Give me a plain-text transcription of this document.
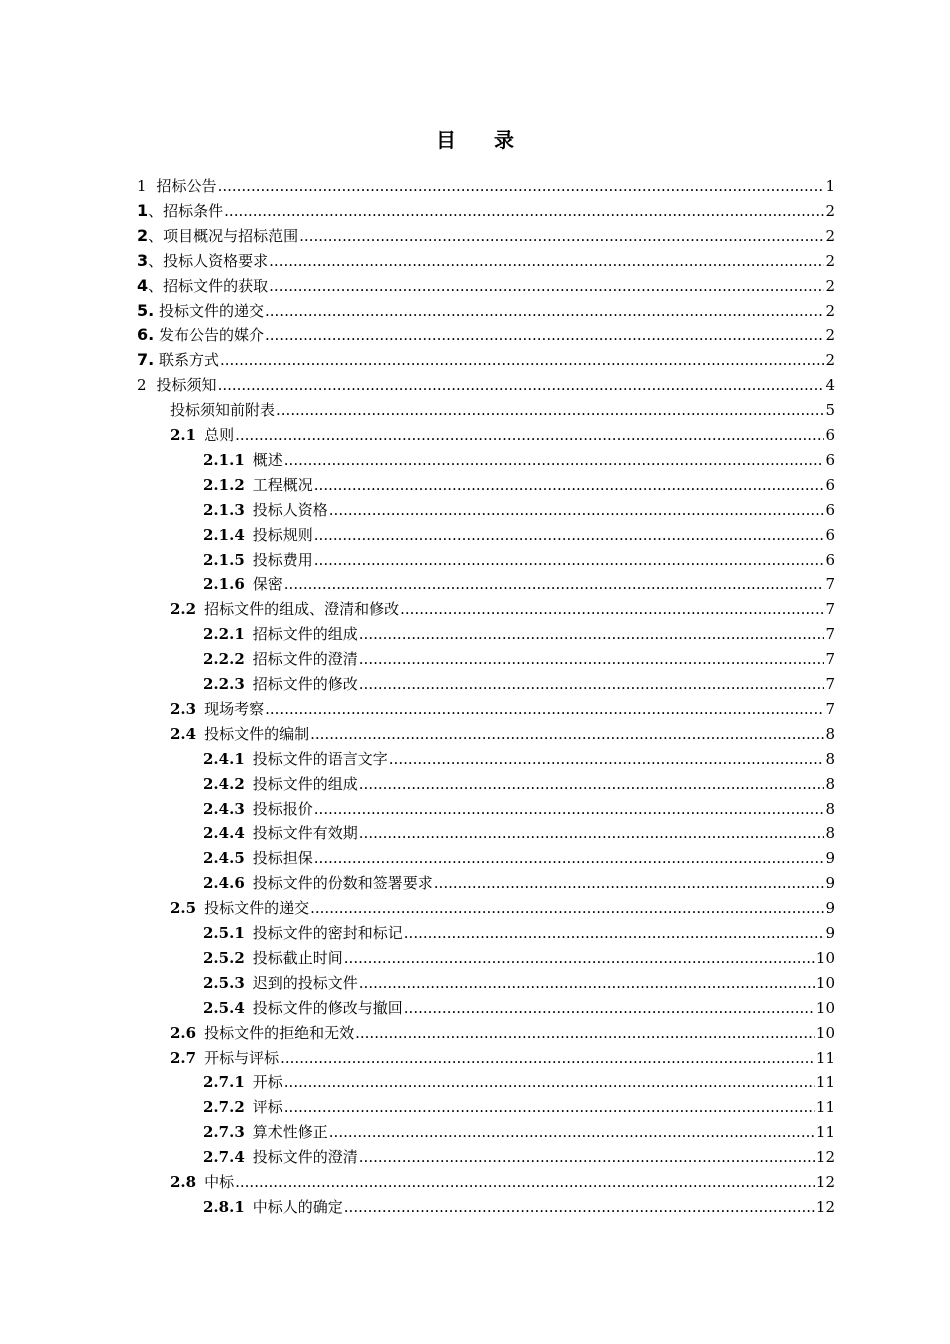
目 录
1 招标公告 .....	1
1、招标条件 .....	2
2、项目概况与招标范围 .....	2
3、投标人资格要求 .....	2
4、招标文件的获取 .....	2
5. 投标文件的递交 .....	2
6. 发布公告的媒介 .....	2
7. 联系方式 .....	2
2 投标须知 .....	4
投标须知前附表 .....	5
2.1 总则 .....	6
2.1.1 概述 .....	6
2.1.2 工程概况 .....	6
2.1.3 投标人资格 .....	6
2.1.4 投标规则 .....	6
2.1.5 投标费用 .....	6
2.1.6 保密 .....	7
2.2 招标文件的组成、澄清和修改 .....	7
2.2.1 招标文件的组成 .....	7
2.2.2 招标文件的澄清 .....	7
2.2.3 招标文件的修改 .....	7
2.3 现场考察 .....	7
2.4 投标文件的编制 .....	8
2.4.1 投标文件的语言文字 .....	8
2.4.2 投标文件的组成 .....	8
2.4.3 投标报价 .....	8
2.4.4 投标文件有效期 .....	8
2.4.5 投标担保 .....	9
2.4.6 投标文件的份数和签署要求 .....	9
2.5 投标文件的递交 .....	9
2.5.1 投标文件的密封和标记 .....	9
2.5.2 投标截止时间 .....	10
2.5.3 迟到的投标文件 .....	10
2.5.4 投标文件的修改与撤回 .....	10
2.6 投标文件的拒绝和无效 .....	10
2.7 开标与评标 .....	11
2.7.1 开标 .....	11
2.7.2 评标 .....	11
2.7.3 算术性修正 .....	11
2.7.4 投标文件的澄清 .....	12
2.8 中标 .....	12
2.8.1 中标人的确定 .....	12
